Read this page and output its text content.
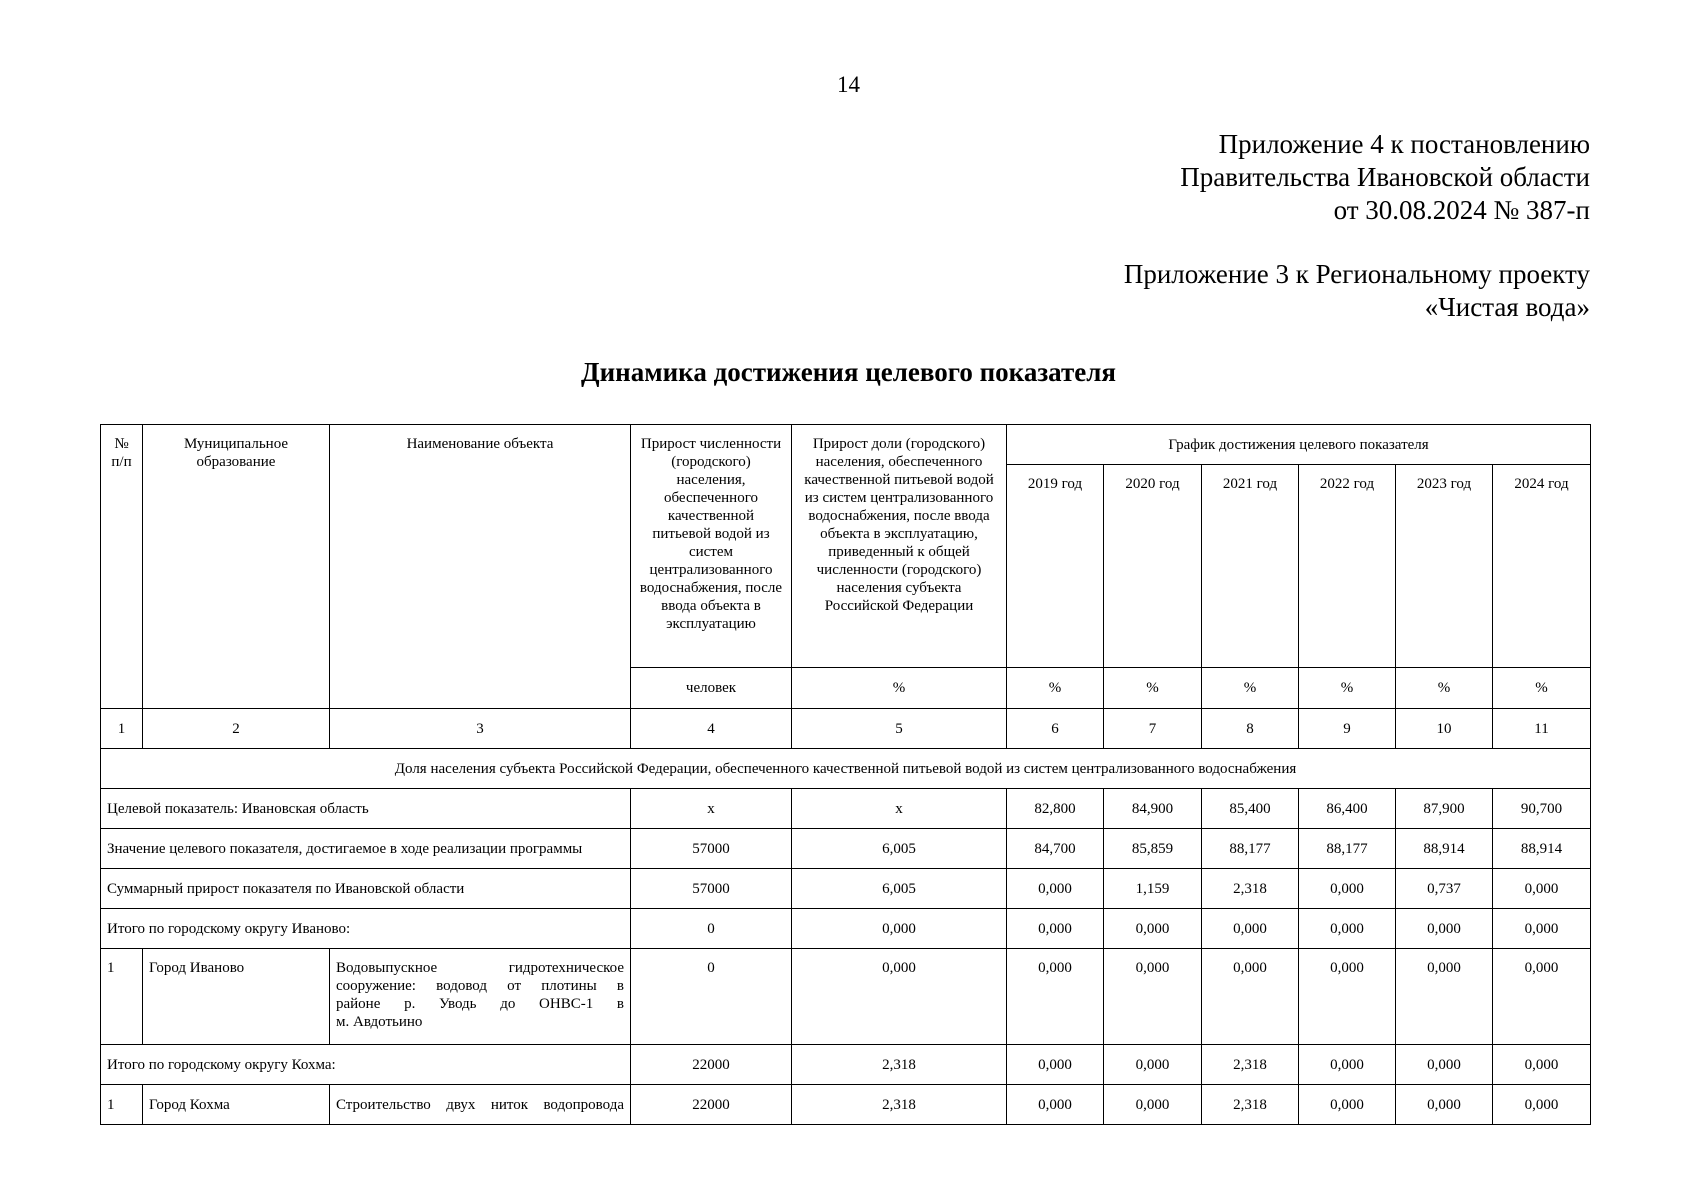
14
Приложение 4 к постановлению
Правительства Ивановской области
от 30.08.2024 № 387-п
Приложение 3 к Региональному проекту
«Чистая вода»
Динамика достижения целевого показателя
№ п/п	Муниципальное образование	Наименование объекта	Прирост численности (городского) населения, обеспеченного качественной питьевой водой из систем централизованного водоснабжения, после ввода объекта в эксплуатацию	Прирост доли (городского) населения, обеспеченного качественной питьевой водой из систем централизованного водоснабжения, после ввода объекта в эксплуатацию, приведенный к общей численности (городского) населения субъекта Российской Федерации	График достижения целевого показателя					
					2019 год	2020 год	2021 год	2022 год	2023 год	2024 год
			человек	%	%	%	%	%	%	%
1	2	3	4	5	6	7	8	9	10	11
Доля населения субъекта Российской Федерации, обеспеченного качественной питьевой водой из систем централизованного водоснабжения										
Целевой показатель: Ивановская область			х	х	82,800	84,900	85,400	86,400	87,900	90,700
Значение целевого показателя, достигаемое в ходе реализации программы			57000	6,005	84,700	85,859	88,177	88,177	88,914	88,914
Суммарный прирост показателя по Ивановской области			57000	6,005	0,000	1,159	2,318	0,000	0,737	0,000
Итого по городскому округу Иваново:			0	0,000	0,000	0,000	0,000	0,000	0,000	0,000
1	Город Иваново	Водовыпускное гидротехническое
сооружение: водовод от плотины в
районе р. Уводь до ОНВС-1 в
м. Авдотьино	0	0,000	0,000	0,000	0,000	0,000	0,000	0,000
Итого по городскому округу Кохма:			22000	2,318	0,000	0,000	2,318	0,000	0,000	0,000
1	Город Кохма	Строительство двух ниток водопровода	22000	2,318	0,000	0,000	2,318	0,000	0,000	0,000
